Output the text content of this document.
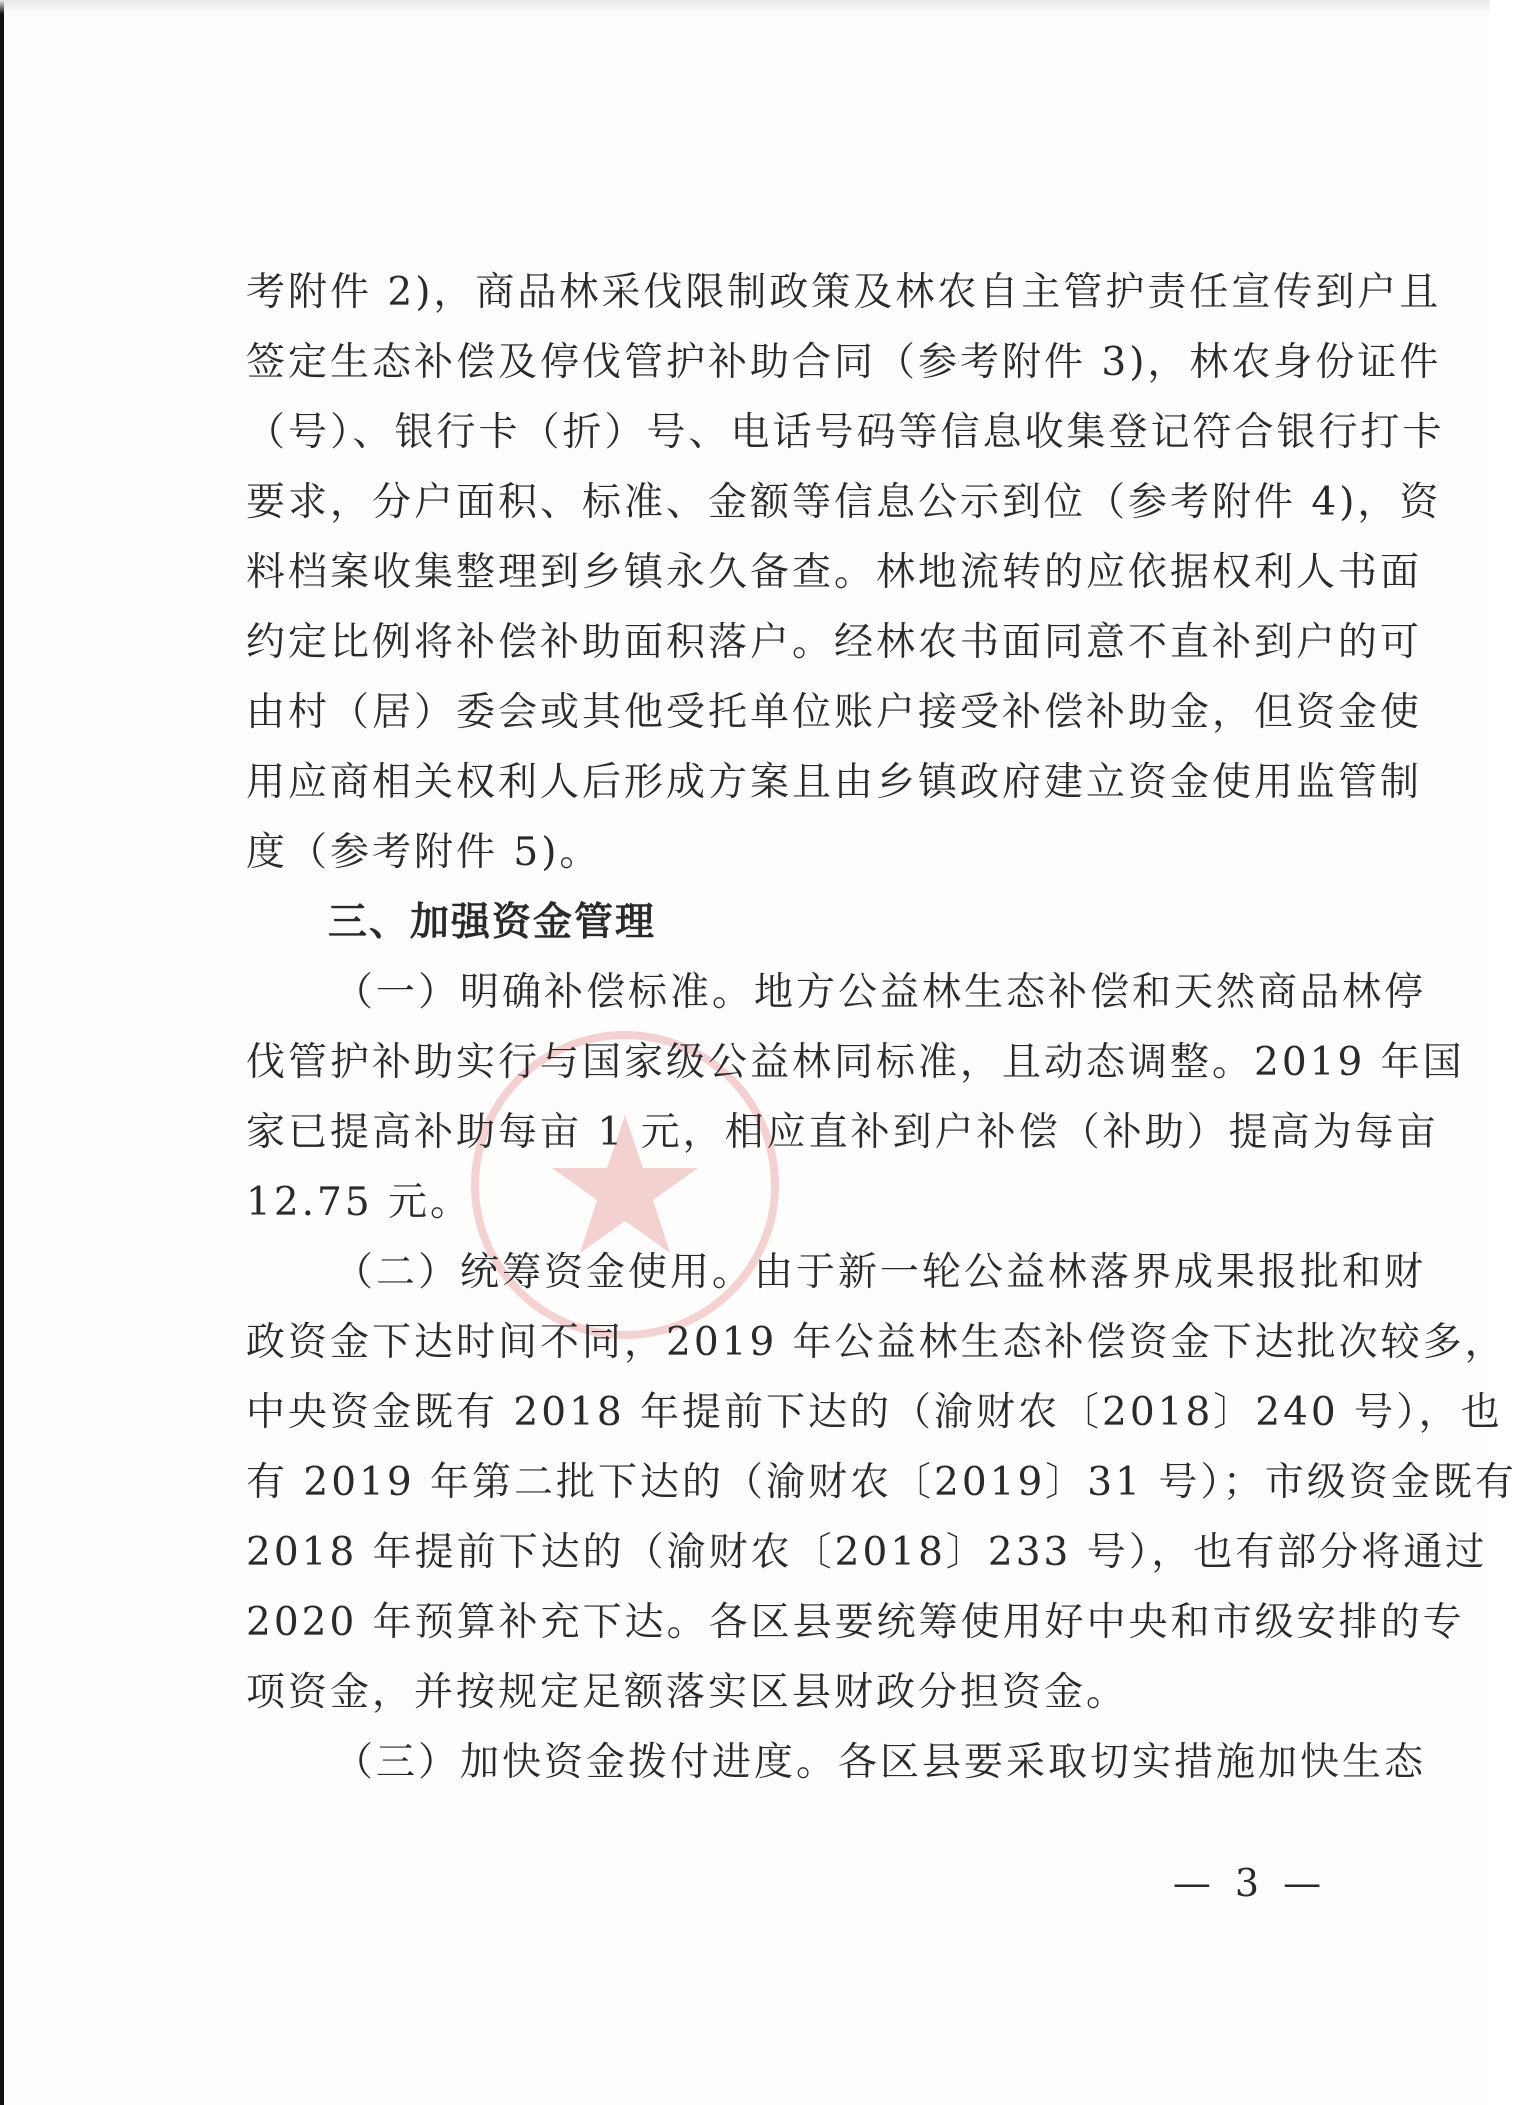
考附件 2)，商品林采伐限制政策及林农自主管护责任宣传到户且
签定生态补偿及停伐管护补助合同（参考附件 3)，林农身份证件
（号）、银行卡（折）号、电话号码等信息收集登记符合银行打卡
要求，分户面积、标准、金额等信息公示到位（参考附件 4)，资
料档案收集整理到乡镇永久备查。林地流转的应依据权利人书面
约定比例将补偿补助面积落户。经林农书面同意不直补到户的可
由村（居）委会或其他受托单位账户接受补偿补助金，但资金使
用应商相关权利人后形成方案且由乡镇政府建立资金使用监管制
度（参考附件 5)。
三、加强资金管理
（一）明确补偿标准。地方公益林生态补偿和天然商品林停
伐管护补助实行与国家级公益林同标准，且动态调整。2019 年国
家已提高补助每亩 1 元，相应直补到户补偿（补助）提高为每亩
12.75 元。
（二）统筹资金使用。由于新一轮公益林落界成果报批和财
政资金下达时间不同，2019 年公益林生态补偿资金下达批次较多，
中央资金既有 2018 年提前下达的（渝财农〔2018〕240 号），也
有 2019 年第二批下达的（渝财农〔2019〕31 号）；市级资金既有
2018 年提前下达的（渝财农〔2018〕233 号），也有部分将通过
2020 年预算补充下达。各区县要统筹使用好中央和市级安排的专
项资金，并按规定足额落实区县财政分担资金。
（三）加快资金拨付进度。各区县要采取切实措施加快生态
— 3 —
